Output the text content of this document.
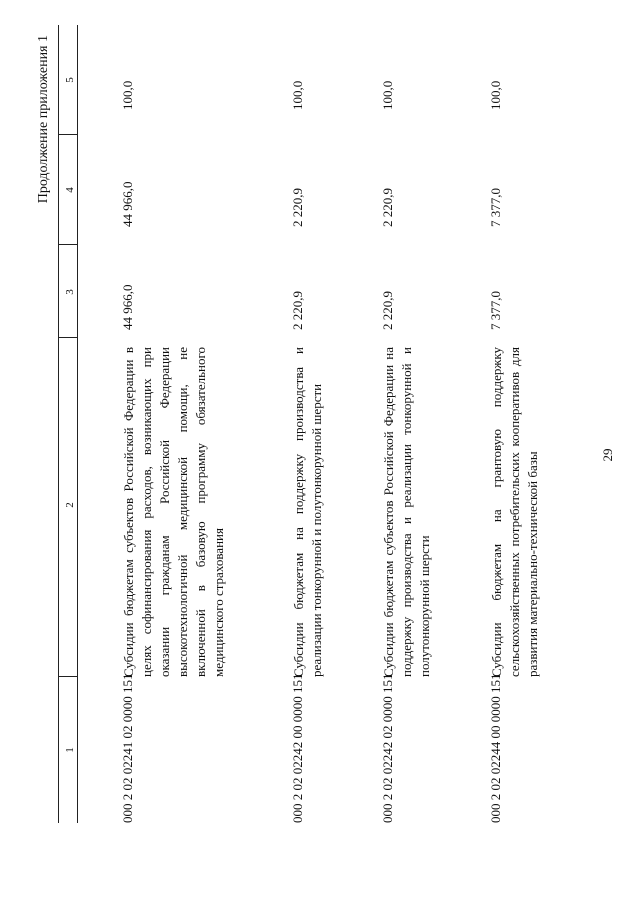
29
Продолжение приложения 1
1
2
3
4
5
000 2 02 02241 02 0000 151
Субсидии бюджетам субъектов Российской Федерации в целях софинансирования расходов, возникающих при оказании гражданам Российской Федерации высокотехнологичной медицинской помощи, не включенной в базовую программу обязательного медицинского страхования
44 966,0
44 966,0
100,0
000 2 02 02242 00 0000 151
Субсидии бюджетам на поддержку производства и реализации тонкорунной и полутонкорунной шерсти
2 220,9
2 220,9
100,0
000 2 02 02242 02 0000 151
Субсидии бюджетам субъектов Российской Федерации на поддержку производства и реализации тонкорунной и полутонкорунной шерсти
2 220,9
2 220,9
100,0
000 2 02 02244 00 0000 151
Субсидии бюджетам на грантовую поддержку сельскохозяйственных потребительских кооперативов для развития материально-технической базы
7 377,0
7 377,0
100,0
